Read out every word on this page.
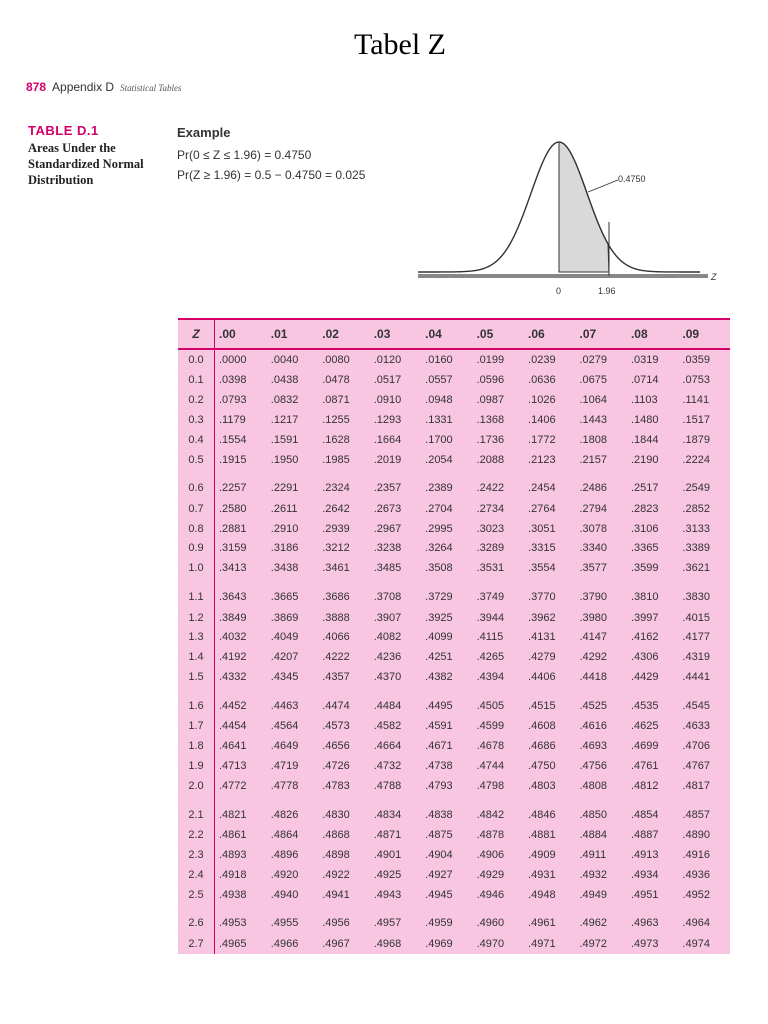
Tabel Z
878 Appendix D Statistical Tables
TABLE D.1
Areas Under the
Standardized Normal
Distribution
Example
Pr(0 ≤ Z ≤ 1.96) = 0.4750
Pr(Z ≥ 1.96) = 0.5 − 0.4750 = 0.025	0.4750
0	1.96
Z
Z	.00	.01	.02	.03	.04	.05	.06	.07	.08	.09
0.0	.0000	.0040	.0080	.0120	.0160	.0199	.0239	.0279	.0319	.0359
0.1	.0398	.0438	.0478	.0517	.0557	.0596	.0636	.0675	.0714	.0753
0.2	.0793	.0832	.0871	.0910	.0948	.0987	.1026	.1064	.1103	.1141
0.3	.1179	.1217	.1255	.1293	.1331	.1368	.1406	.1443	.1480	.1517
0.4	.1554	.1591	.1628	.1664	.1700	.1736	.1772	.1808	.1844	.1879
0.5	.1915	.1950	.1985	.2019	.2054	.2088	.2123	.2157	.2190	.2224
0.6	.2257	.2291	.2324	.2357	.2389	.2422	.2454	.2486	.2517	.2549
0.7	.2580	.2611	.2642	.2673	.2704	.2734	.2764	.2794	.2823	.2852
0.8	.2881	.2910	.2939	.2967	.2995	.3023	.3051	.3078	.3106	.3133
0.9	.3159	.3186	.3212	.3238	.3264	.3289	.3315	.3340	.3365	.3389
1.0	.3413	.3438	.3461	.3485	.3508	.3531	.3554	.3577	.3599	.3621
1.1	.3643	.3665	.3686	.3708	.3729	.3749	.3770	.3790	.3810	.3830
1.2	.3849	.3869	.3888	.3907	.3925	.3944	.3962	.3980	.3997	.4015
1.3	.4032	.4049	.4066	.4082	.4099	.4115	.4131	.4147	.4162	.4177
1.4	.4192	.4207	.4222	.4236	.4251	.4265	.4279	.4292	.4306	.4319
1.5	.4332	.4345	.4357	.4370	.4382	.4394	.4406	.4418	.4429	.4441
1.6	.4452	.4463	.4474	.4484	.4495	.4505	.4515	.4525	.4535	.4545
1.7	.4454	.4564	.4573	.4582	.4591	.4599	.4608	.4616	.4625	.4633
1.8	.4641	.4649	.4656	.4664	.4671	.4678	.4686	.4693	.4699	.4706
1.9	.4713	.4719	.4726	.4732	.4738	.4744	.4750	.4756	.4761	.4767
2.0	.4772	.4778	.4783	.4788	.4793	.4798	.4803	.4808	.4812	.4817
2.1	.4821	.4826	.4830	.4834	.4838	.4842	.4846	.4850	.4854	.4857
2.2	.4861	.4864	.4868	.4871	.4875	.4878	.4881	.4884	.4887	.4890
2.3	.4893	.4896	.4898	.4901	.4904	.4906	.4909	.4911	.4913	.4916
2.4	.4918	.4920	.4922	.4925	.4927	.4929	.4931	.4932	.4934	.4936
2.5	.4938	.4940	.4941	.4943	.4945	.4946	.4948	.4949	.4951	.4952
2.6	.4953	.4955	.4956	.4957	.4959	.4960	.4961	.4962	.4963	.4964
2.7	.4965	.4966	.4967	.4968	.4969	.4970	.4971	.4972	.4973	.4974
